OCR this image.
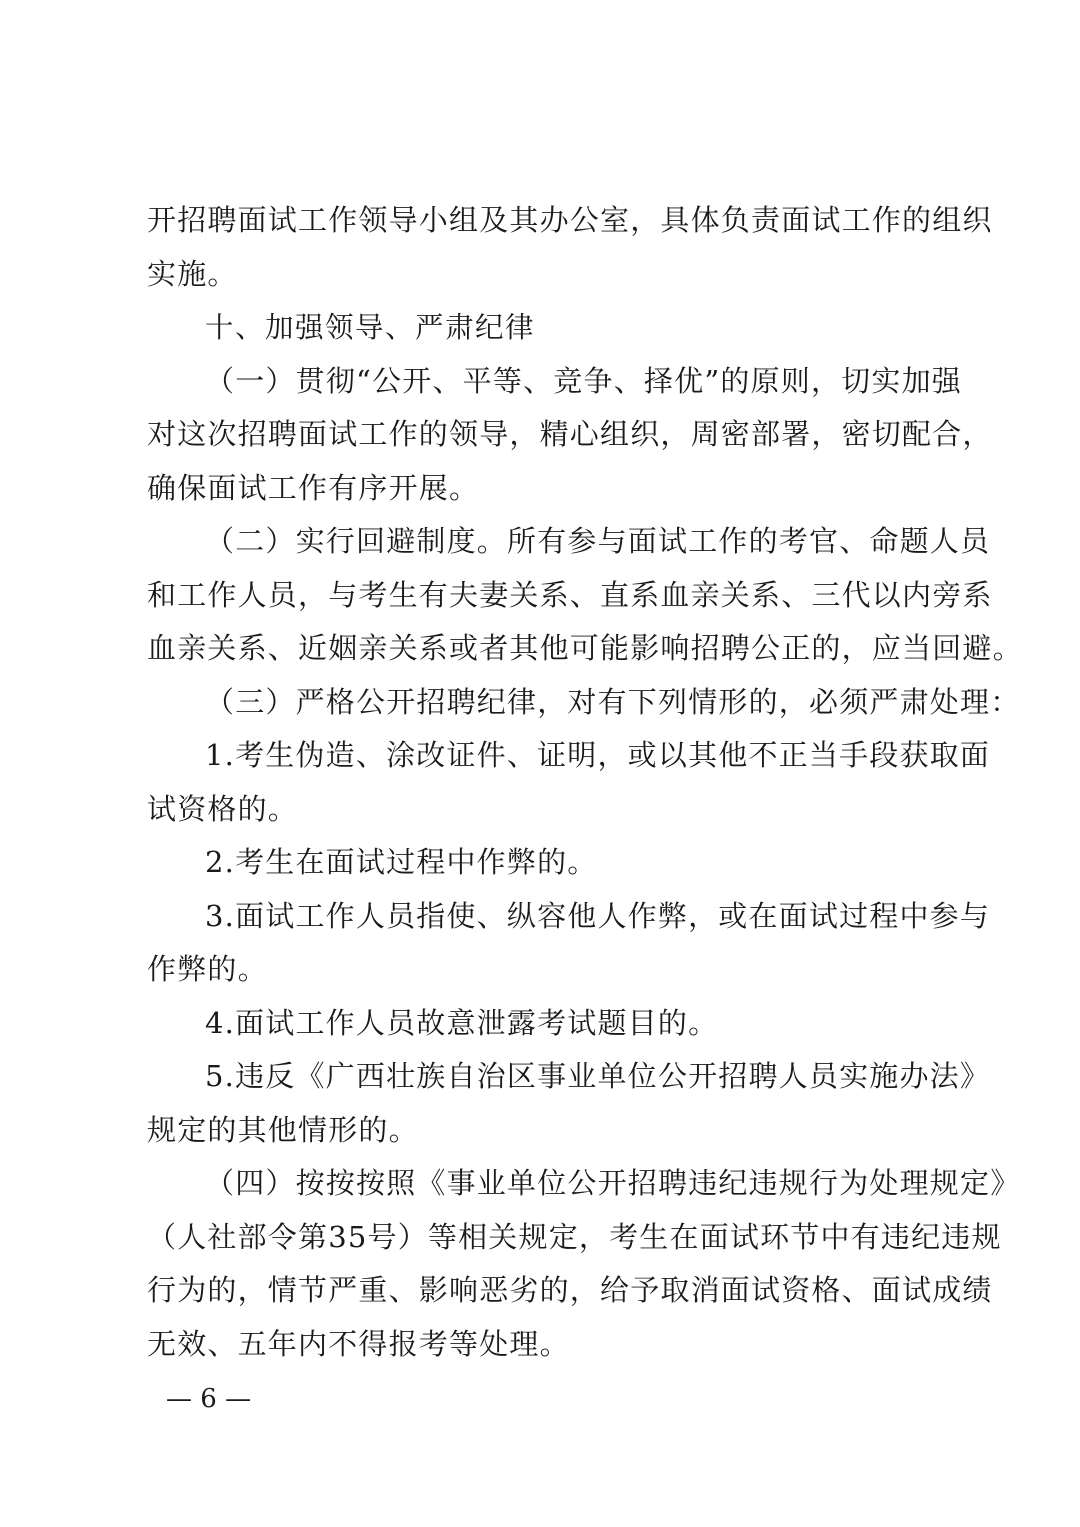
开招聘面试工作领导小组及其办公室，具体负责面试工作的组织
实施。
十、加强领导、严肃纪律
（一）贯彻“公开、平等、竞争、择优”的原则，切实加强
对这次招聘面试工作的领导，精心组织，周密部署，密切配合，
确保面试工作有序开展。
（二）实行回避制度。所有参与面试工作的考官、命题人员
和工作人员，与考生有夫妻关系、直系血亲关系、三代以内旁系
血亲关系、近姻亲关系或者其他可能影响招聘公正的，应当回避。
（三）严格公开招聘纪律，对有下列情形的，必须严肃处理：
1.考生伪造、涂改证件、证明，或以其他不正当手段获取面
试资格的。
2.考生在面试过程中作弊的。
3.面试工作人员指使、纵容他人作弊，或在面试过程中参与
作弊的。
4.面试工作人员故意泄露考试题目的。
5.违反《广西壮族自治区事业单位公开招聘人员实施办法》
规定的其他情形的。
（四）按按按照《事业单位公开招聘违纪违规行为处理规定》
（人社部令第35号）等相关规定，考生在面试环节中有违纪违规
行为的，情节严重、影响恶劣的，给予取消面试资格、面试成绩
无效、五年内不得报考等处理。
— 6 —
